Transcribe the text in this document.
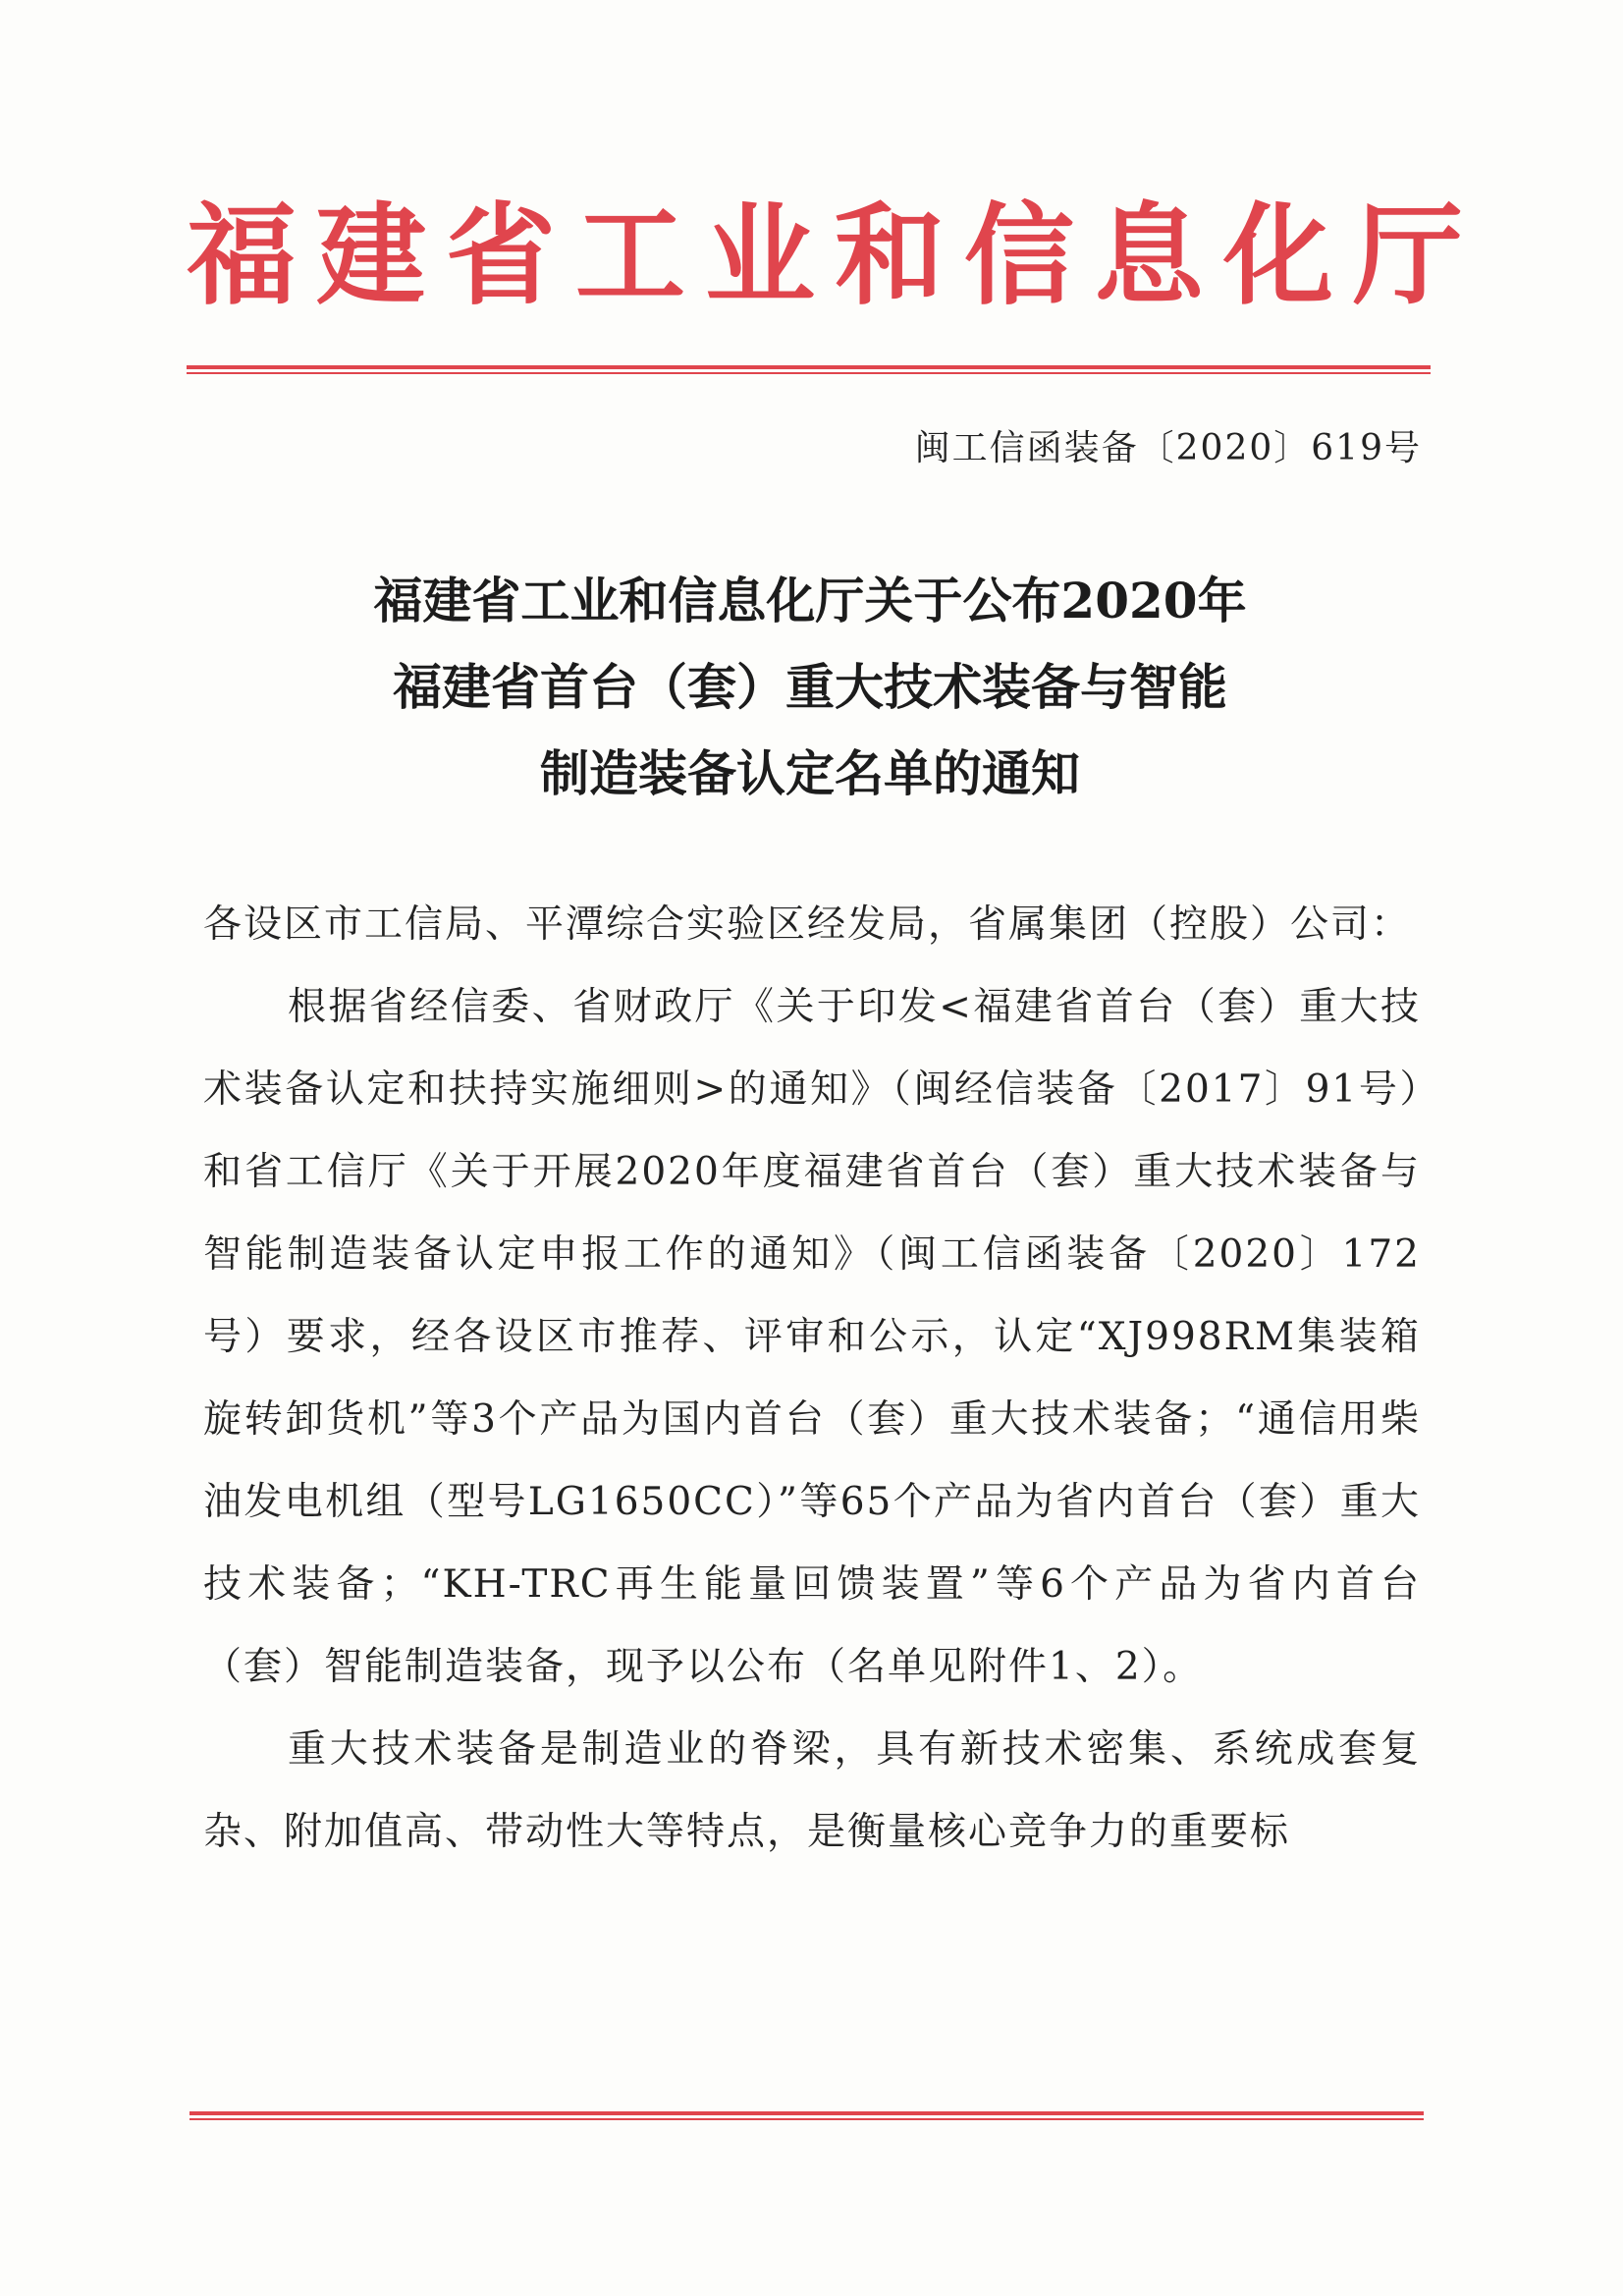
福建省工业和信息化厅
闽工信函装备〔2020〕619号
福建省工业和信息化厅关于公布2020年
福建省首台（套）重大技术装备与智能
制造装备认定名单的通知

各设区市工信局、平潭综合实验区经发局，省属集团（控股）公司：

根据省经信委、省财政厅《关于印发<福建省首台（套）重大技术装备认定和扶持实施细则>的通知》（闽经信装备〔2017〕91号）和省工信厅《关于开展2020年度福建省首台（套）重大技术装备与智能制造装备认定申报工作的通知》（闽工信函装备〔2020〕172号）要求，经各设区市推荐、评审和公示，认定“XJ998RM集装箱旋转卸货机”等3个产品为国内首台（套）重大技术装备；“通信用柴油发电机组（型号LG1650CC）”等65个产品为省内首台（套）重大技术装备；“KH-TRC再生能量回馈装置”等6个产品为省内首台（套）智能制造装备，现予以公布（名单见附件1、2）。

重大技术装备是制造业的脊梁，具有新技术密集、系统成套复杂、附加值高、带动性大等特点，是衡量核心竞争力的重要标
